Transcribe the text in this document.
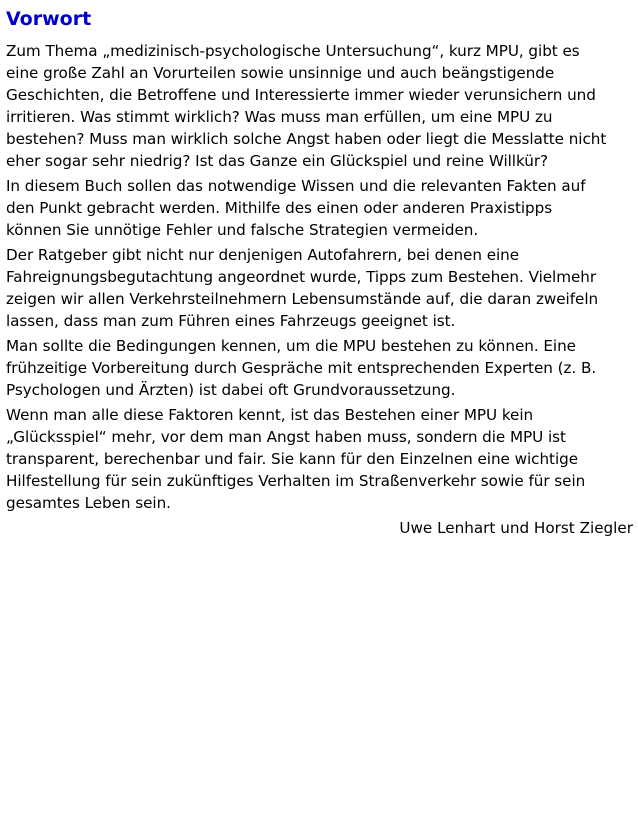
Vorwort

Zum Thema „medizinisch-psychologische Untersuchung“, kurz MPU, gibt es
eine große Zahl an Vorurteilen sowie unsinnige und auch beängstigende
Geschichten, die Betroffene und Interessierte immer wieder verunsichern und
irritieren. Was stimmt wirklich? Was muss man erfüllen, um eine MPU zu
bestehen? Muss man wirklich solche Angst haben oder liegt die Messlatte nicht
eher sogar sehr niedrig? Ist das Ganze ein Glückspiel und reine Willkür?

In diesem Buch sollen das notwendige Wissen und die relevanten Fakten auf
den Punkt gebracht werden. Mithilfe des einen oder anderen Praxistipps
können Sie unnötige Fehler und falsche Strategien vermeiden.

Der Ratgeber gibt nicht nur denjenigen Autofahrern, bei denen eine
Fahreignungsbegutachtung angeordnet wurde, Tipps zum Bestehen. Vielmehr
zeigen wir allen Verkehrsteilnehmern Lebensumstände auf, die daran zweifeln
lassen, dass man zum Führen eines Fahrzeugs geeignet ist.

Man sollte die Bedingungen kennen, um die MPU bestehen zu können. Eine
frühzeitige Vorbereitung durch Gespräche mit entsprechenden Experten (z. B.
Psychologen und Ärzten) ist dabei oft Grundvoraussetzung.

Wenn man alle diese Faktoren kennt, ist das Bestehen einer MPU kein
„Glücksspiel“ mehr, vor dem man Angst haben muss, sondern die MPU ist
transparent, berechenbar und fair. Sie kann für den Einzelnen eine wichtige
Hilfestellung für sein zukünftiges Verhalten im Straßenverkehr sowie für sein
gesamtes Leben sein.

Uwe Lenhart und Horst Ziegler
